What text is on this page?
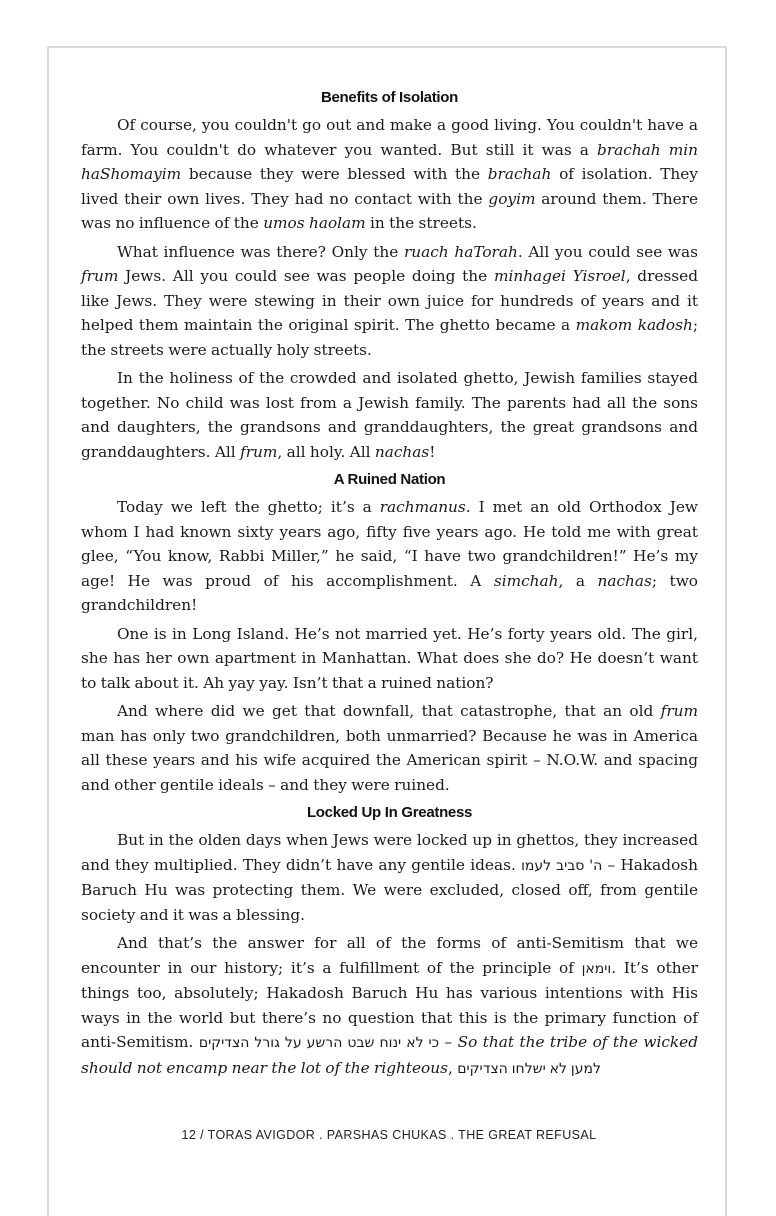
Benefits of Isolation

Of course, you couldn't go out and make a good living. You couldn't have a farm. You couldn't do whatever you wanted. But still it was a brachah min haShomayim because they were blessed with the brachah of isolation. They lived their own lives. They had no contact with the goyim around them. There was no influence of the umos haolam in the streets.

What influence was there? Only the ruach haTorah. All you could see was frum Jews. All you could see was people doing the minhagei Yisroel, dressed like Jews. They were stewing in their own juice for hundreds of years and it helped them maintain the original spirit. The ghetto became a makom kadosh; the streets were actually holy streets.

In the holiness of the crowded and isolated ghetto, Jewish families stayed together. No child was lost from a Jewish family. The parents had all the sons and daughters, the grandsons and granddaughters, the great grandsons and granddaughters. All frum, all holy. All nachas!

A Ruined Nation

Today we left the ghetto; it’s a rachmanus. I met an old Orthodox Jew whom I had known sixty years ago, fifty five years ago. He told me with great glee, “You know, Rabbi Miller,” he said, “I have two grandchildren!” He’s my age! He was proud of his accomplishment. A simchah, a nachas; two grandchildren!

One is in Long Island. He’s not married yet. He’s forty years old. The girl, she has her own apartment in Manhattan. What does she do? He doesn’t want to talk about it. Ah yay yay. Isn’t that a ruined nation?

And where did we get that downfall, that catastrophe, that an old frum man has only two grandchildren, both unmarried? Because he was in America all these years and his wife acquired the American spirit – N.O.W. and spacing and other gentile ideals – and they were ruined.

Locked Up In Greatness

But in the olden days when Jews were locked up in ghettos, they increased and they multiplied. They didn’t have any gentile ideas. ה' סביב לעמו – Hakadosh Baruch Hu was protecting them. We were excluded, closed off, from gentile society and it was a blessing.

And that’s the answer for all of the forms of anti-Semitism that we encounter in our history; it’s a fulfillment of the principle of וימאן. It’s other things too, absolutely; Hakadosh Baruch Hu has various intentions with His ways in the world but there’s no question that this is the primary function of anti-Semitism. כי לא ינוח שבט הרשע על גורל הצדיקים – So that the tribe of the wicked should not encamp near the lot of the righteous, למען לא ישלחו הצדיקים

12 / TORAS AVIGDOR . PARSHAS CHUKAS . THE GREAT REFUSAL
